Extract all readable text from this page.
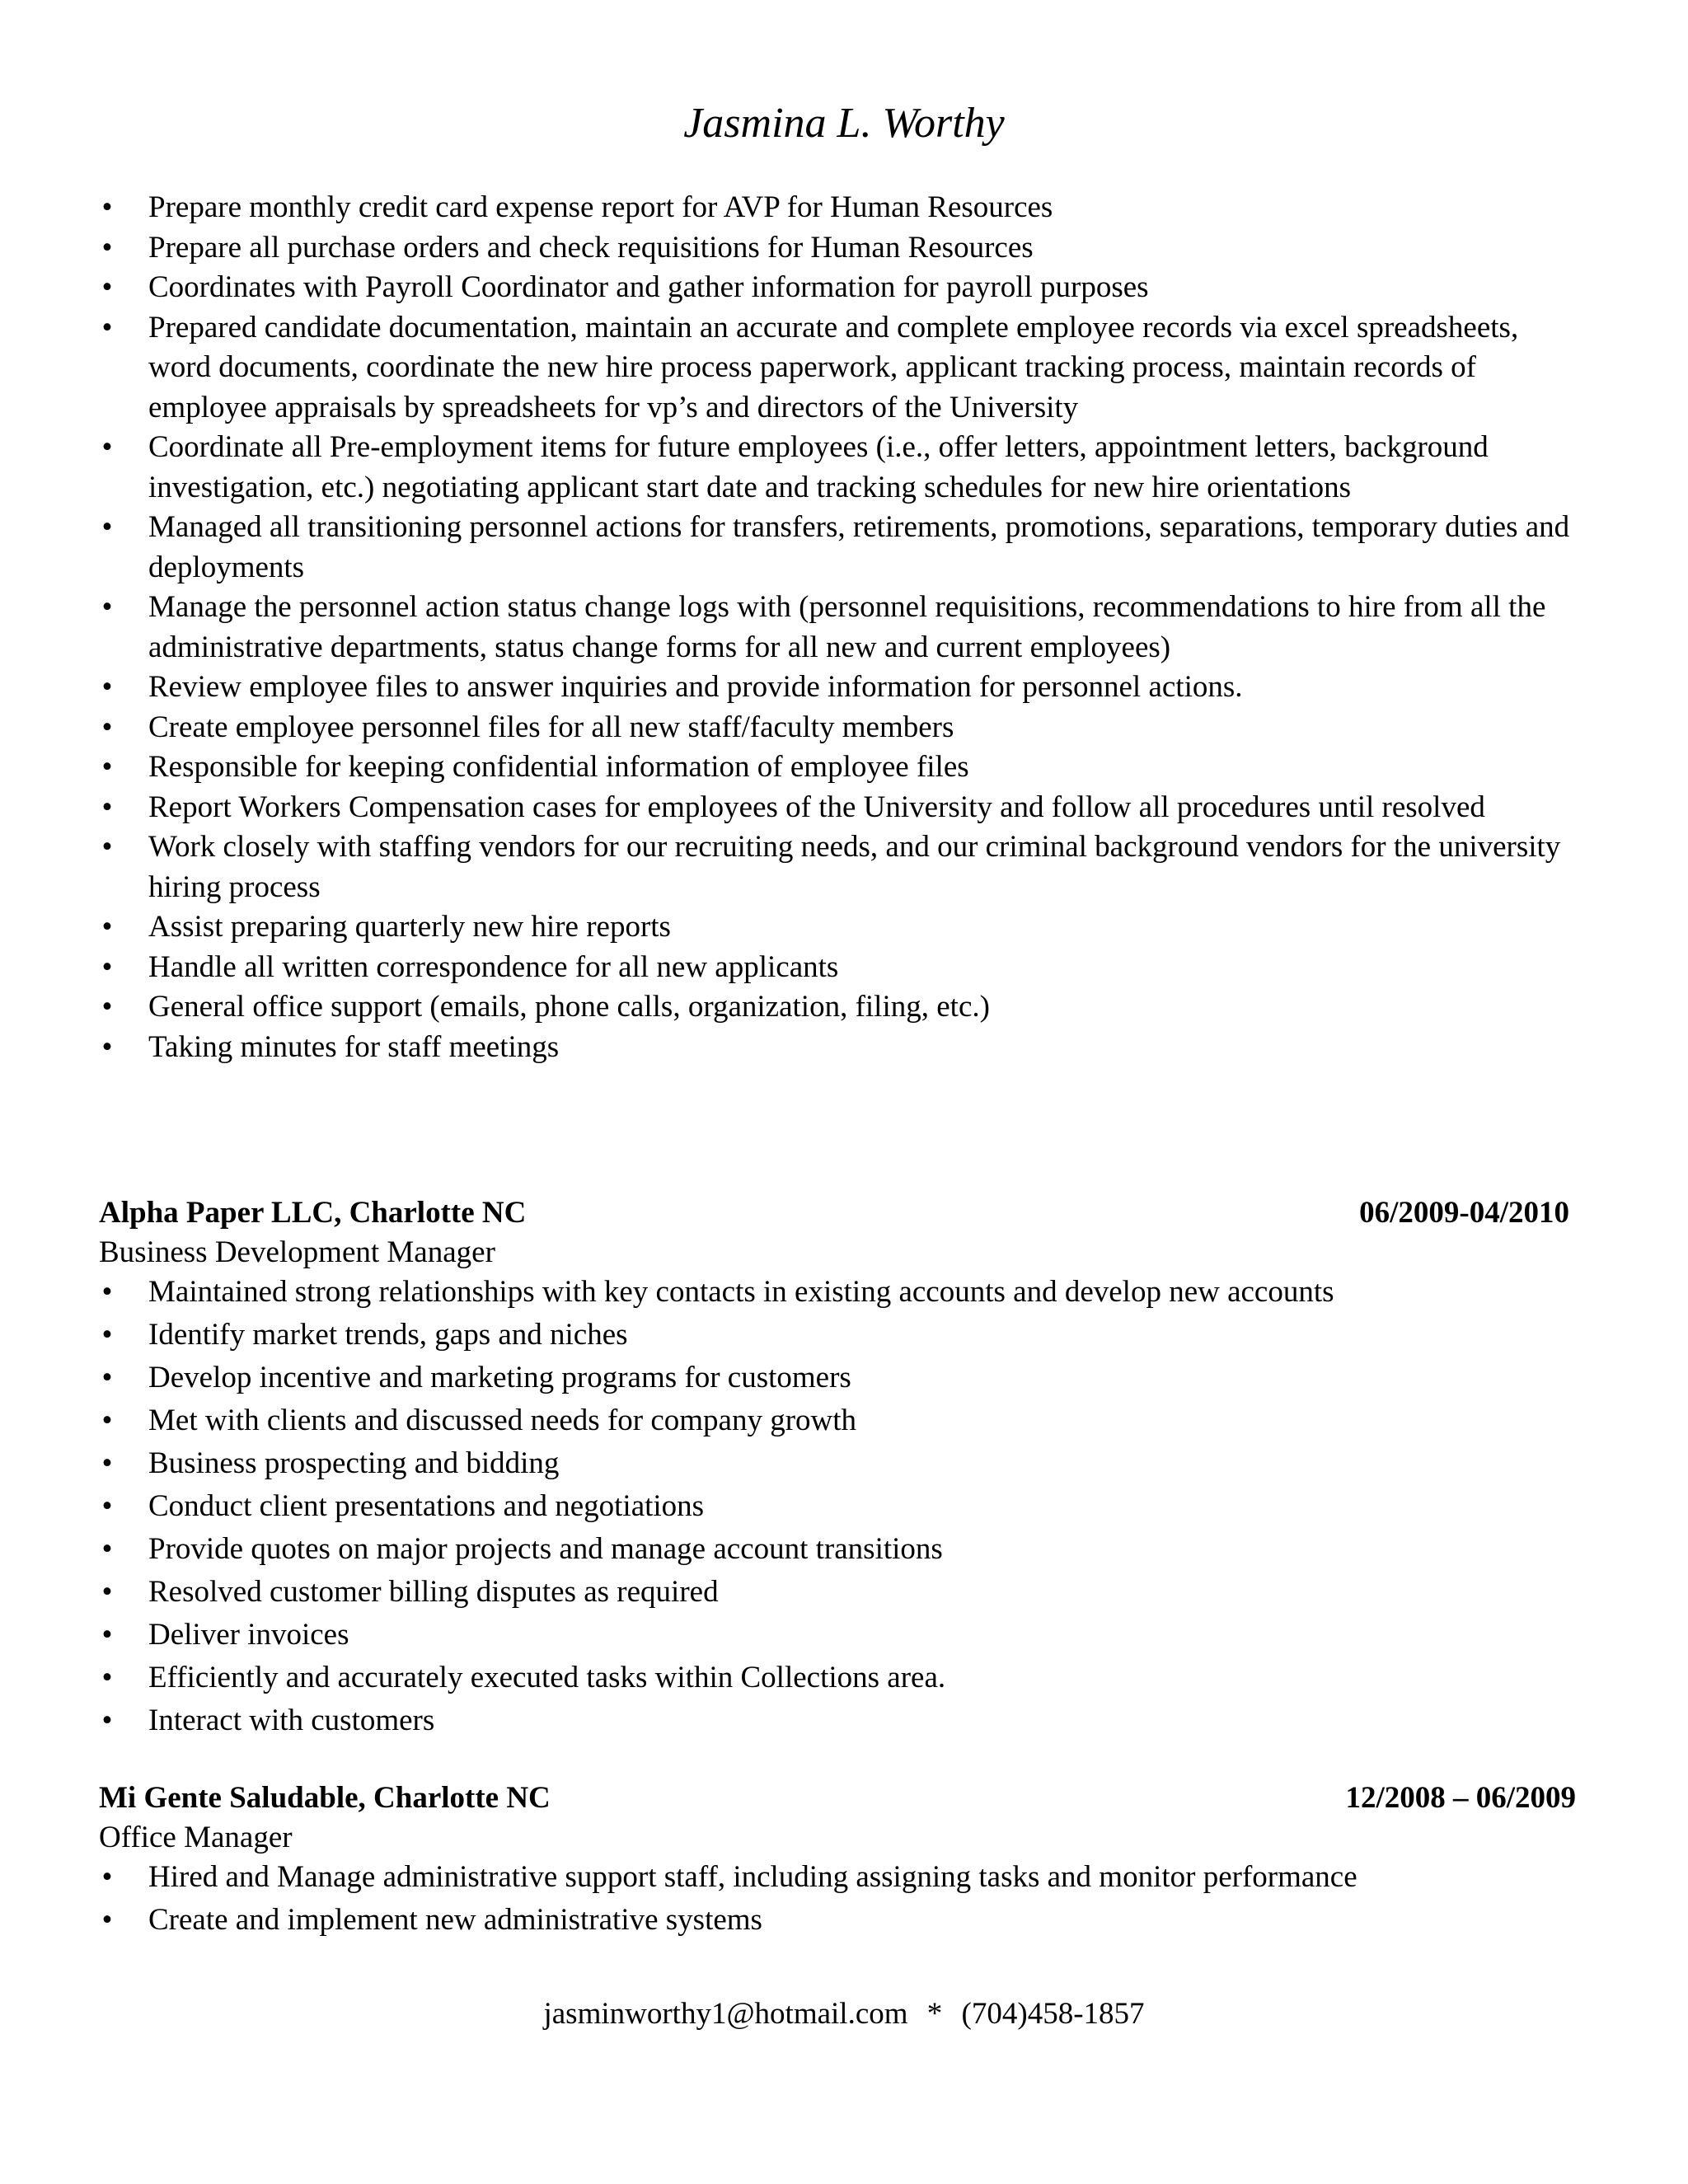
Jasmina L. Worthy
• Prepare monthly credit card expense report for AVP for Human Resources
• Prepare all purchase orders and check requisitions for Human Resources
• Coordinates with Payroll Coordinator and gather information for payroll purposes
• Prepared candidate documentation, maintain an accurate and complete employee records via excel spreadsheets, word documents, coordinate the new hire process paperwork, applicant tracking process, maintain records of employee appraisals by spreadsheets for vp’s and directors of the University
• Coordinate all Pre-employment items for future employees (i.e., offer letters, appointment letters, background investigation, etc.) negotiating applicant start date and tracking schedules for new hire orientations
• Managed all transitioning personnel actions for transfers, retirements, promotions, separations, temporary duties and deployments
• Manage the personnel action status change logs with (personnel requisitions, recommendations to hire from all the administrative departments, status change forms for all new and current employees)
• Review employee files to answer inquiries and provide information for personnel actions.
• Create employee personnel files for all new staff/faculty members
• Responsible for keeping confidential information of employee files
• Report Workers Compensation cases for employees of the University and follow all procedures until resolved
• Work closely with staffing vendors for our recruiting needs, and our criminal background vendors for the university hiring process
• Assist preparing quarterly new hire reports
• Handle all written correspondence for all new applicants
• General office support (emails, phone calls, organization, filing, etc.)
• Taking minutes for staff meetings
Alpha Paper LLC, Charlotte NC	06/2009-04/2010
Business Development Manager
• Maintained strong relationships with key contacts in existing accounts and develop new accounts
• Identify market trends, gaps and niches
• Develop incentive and marketing programs for customers
• Met with clients and discussed needs for company growth
• Business prospecting and bidding
• Conduct client presentations and negotiations
• Provide quotes on major projects and manage account transitions
• Resolved customer billing disputes as required
• Deliver invoices
• Efficiently and accurately executed tasks within Collections area.
• Interact with customers
Mi Gente Saludable, Charlotte NC	12/2008 – 06/2009
Office Manager
• Hired and Manage administrative support staff, including assigning tasks and monitor performance
• Create and implement new administrative systems
jasminworthy1@hotmail.com * (704)458-1857
